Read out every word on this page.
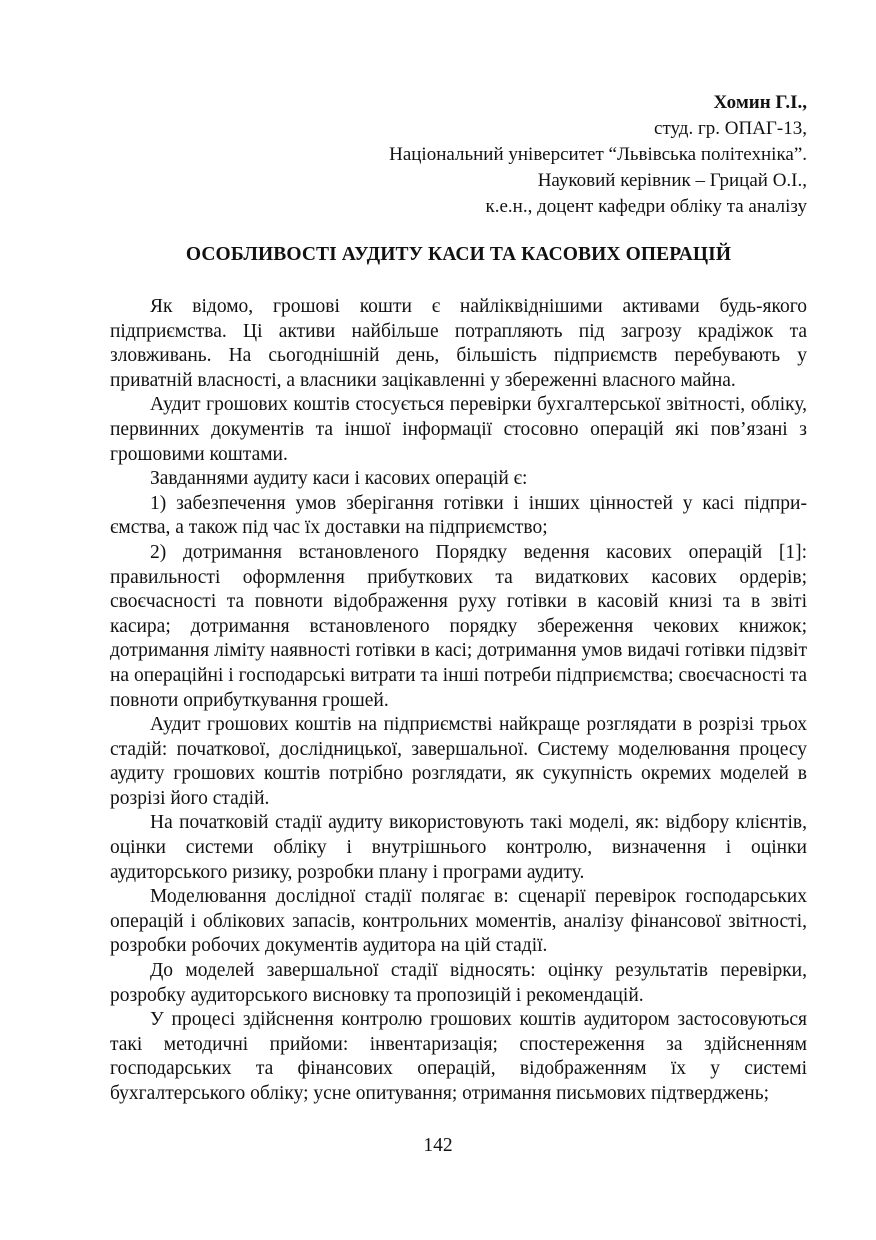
Хомин Г.І.,
студ. гр. ОПАГ-13,
Національний університет “Львівська політехніка”.
Науковий керівник – Грицай О.І.,
к.е.н., доцент кафедри обліку та аналізу
ОСОБЛИВОСТІ АУДИТУ КАСИ ТА КАСОВИХ ОПЕРАЦІЙ

Як відомо, грошові кошти є найліквіднішими активами будь-якого підприємства. Ці активи найбільше потрапляють під загрозу крадіжок та зловживань. На сьогоднішній день, більшість підприємств перебувають у приватній власності, а власники зацікавленні у збереженні власного майна.

Аудит грошових коштів стосується перевірки бухгалтерської звітності, обліку, первинних документів та іншої інформації стосовно операцій які пов’язані з грошовими коштами.

Завданнями аудиту каси і касових операцій є:

1) забезпечення умов зберігання готівки і інших цінностей у касі підприємства, а також під час їх доставки на підприємство;

2) дотримання встановленого Порядку ведення касових операцій [1]: правильності оформлення прибуткових та видаткових касових ордерів; своєчасності та повноти відображення руху готівки в касовій книзі та в звіті касира; дотримання встановленого порядку збереження чекових книжок; дотримання ліміту наявності готівки в касі; дотримання умов видачі готівки підзвіт на операційні і господарські витрати та інші потреби підприємства; своєчасності та повноти оприбуткування грошей.

Аудит грошових коштів на підприємстві найкраще розглядати в розрізі трьох стадій: початкової, дослідницької, завершальної. Систему моделювання процесу аудиту грошових коштів потрібно розглядати, як сукупність окремих моделей в розрізі його стадій.

На початковій стадії аудиту використовують такі моделі, як: відбору клієнтів, оцінки системи обліку і внутрішнього контролю, визначення і оцінки аудиторського ризику, розробки плану і програми аудиту.

Моделювання дослідної стадії полягає в: сценарії перевірок господарських операцій і облікових запасів, контрольних моментів, аналізу фінансової звітності, розробки робочих документів аудитора на цій стадії.

До моделей завершальної стадії відносять: оцінку результатів перевірки, розробку аудиторського висновку та пропозицій і рекомендацій.

У процесі здійснення контролю грошових коштів аудитором застосовуються такі методичні прийоми: інвентаризація; спостереження за здійсненням господарських та фінансових операцій, відображенням їх у системі бухгалтерського обліку; усне опитування; отримання письмових підтверджень;

142
